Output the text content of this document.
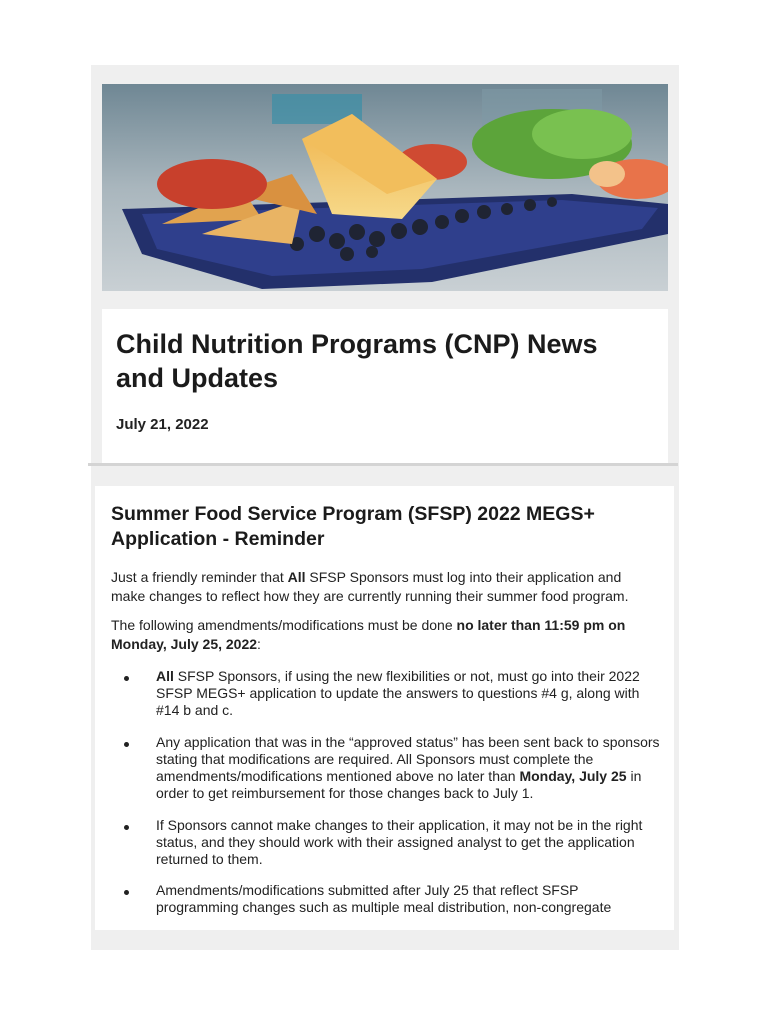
Child Nutrition Programs (CNP) News and Updates

July 21, 2022

Summer Food Service Program (SFSP) 2022 MEGS+ Application - Reminder

Just a friendly reminder that All SFSP Sponsors must log into their application and make changes to reflect how they are currently running their summer food program.

The following amendments/modifications must be done no later than 11:59 pm on Monday, July 25, 2022:

All SFSP Sponsors, if using the new flexibilities or not, must go into their 2022 SFSP MEGS+ application to update the answers to questions #4 g, along with #14 b and c.

Any application that was in the “approved status” has been sent back to sponsors stating that modifications are required. All Sponsors must complete the amendments/modifications mentioned above no later than Monday, July 25 in order to get reimbursement for those changes back to July 1.

If Sponsors cannot make changes to their application, it may not be in the right status, and they should work with their assigned analyst to get the application returned to them.

Amendments/modifications submitted after July 25 that reflect SFSP programming changes such as multiple meal distribution, non-congregate
